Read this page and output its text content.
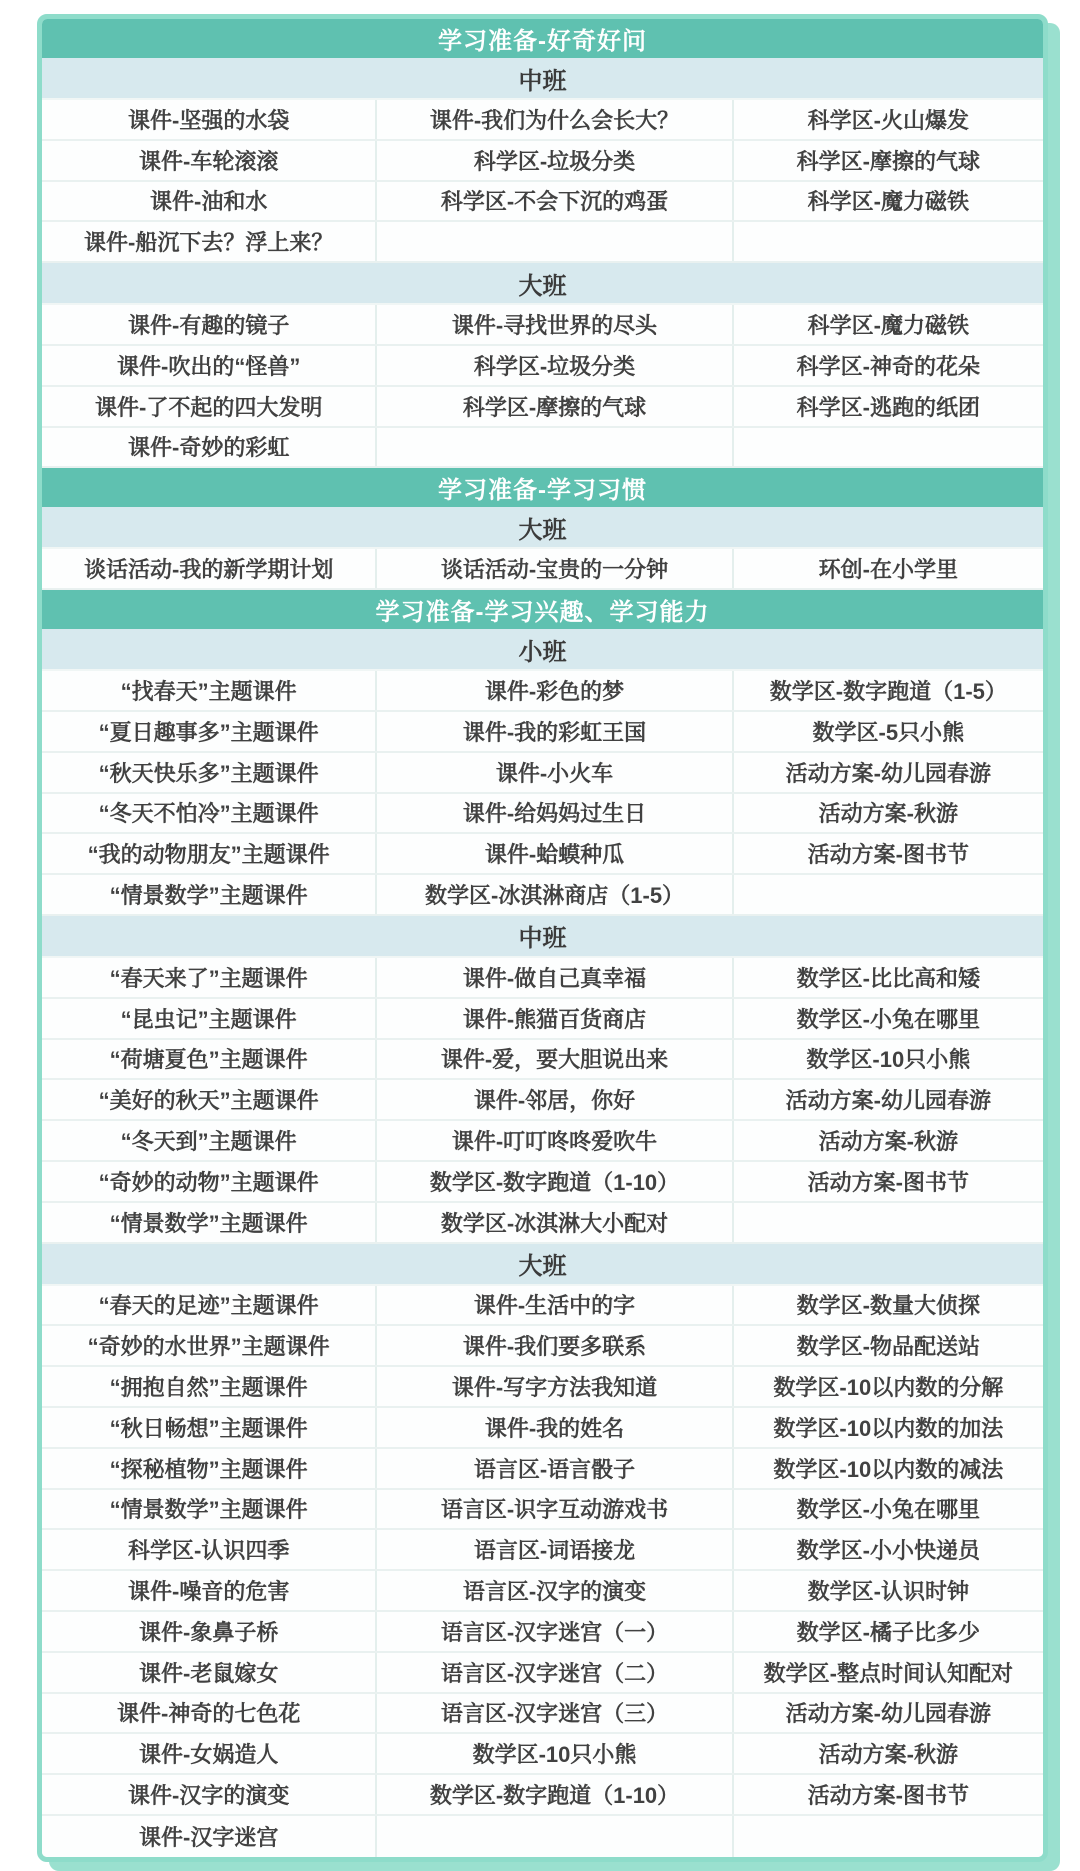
学习准备-好奇好问
中班
课件-坚强的水袋	课件-我们为什么会长大？	科学区-火山爆发
课件-车轮滚滚	科学区-垃圾分类	科学区-摩擦的气球
课件-油和水	科学区-不会下沉的鸡蛋	科学区-魔力磁铁
课件-船沉下去？浮上来？
大班
课件-有趣的镜子	课件-寻找世界的尽头	科学区-魔力磁铁
课件-吹出的“怪兽”	科学区-垃圾分类	科学区-神奇的花朵
课件-了不起的四大发明	科学区-摩擦的气球	科学区-逃跑的纸团
课件-奇妙的彩虹
学习准备-学习习惯
大班
谈话活动-我的新学期计划	谈话活动-宝贵的一分钟	环创-在小学里
学习准备-学习兴趣、学习能力
小班
“找春天”主题课件	课件-彩色的梦	数学区-数字跑道（1-5）
“夏日趣事多”主题课件	课件-我的彩虹王国	数学区-5只小熊
“秋天快乐多”主题课件	课件-小火车	活动方案-幼儿园春游
“冬天不怕冷”主题课件	课件-给妈妈过生日	活动方案-秋游
“我的动物朋友”主题课件	课件-蛤蟆种瓜	活动方案-图书节
“情景数学”主题课件	数学区-冰淇淋商店（1-5）
中班
“春天来了”主题课件	课件-做自己真幸福	数学区-比比高和矮
“昆虫记”主题课件	课件-熊猫百货商店	数学区-小兔在哪里
“荷塘夏色”主题课件	课件-爱，要大胆说出来	数学区-10只小熊
“美好的秋天”主题课件	课件-邻居，你好	活动方案-幼儿园春游
“冬天到”主题课件	课件-叮叮咚咚爱吹牛	活动方案-秋游
“奇妙的动物”主题课件	数学区-数字跑道（1-10）	活动方案-图书节
“情景数学”主题课件	数学区-冰淇淋大小配对
大班
“春天的足迹”主题课件	课件-生活中的字	数学区-数量大侦探
“奇妙的水世界”主题课件	课件-我们要多联系	数学区-物品配送站
“拥抱自然”主题课件	课件-写字方法我知道	数学区-10以内数的分解
“秋日畅想”主题课件	课件-我的姓名	数学区-10以内数的加法
“探秘植物”主题课件	语言区-语言骰子	数学区-10以内数的减法
“情景数学”主题课件	语言区-识字互动游戏书	数学区-小兔在哪里
科学区-认识四季	语言区-词语接龙	数学区-小小快递员
课件-噪音的危害	语言区-汉字的演变	数学区-认识时钟
课件-象鼻子桥	语言区-汉字迷宫（一）	数学区-橘子比多少
课件-老鼠嫁女	语言区-汉字迷宫（二）	数学区-整点时间认知配对
课件-神奇的七色花	语言区-汉字迷宫（三）	活动方案-幼儿园春游
课件-女娲造人	数学区-10只小熊	活动方案-秋游
课件-汉字的演变	数学区-数字跑道（1-10）	活动方案-图书节
课件-汉字迷宫
